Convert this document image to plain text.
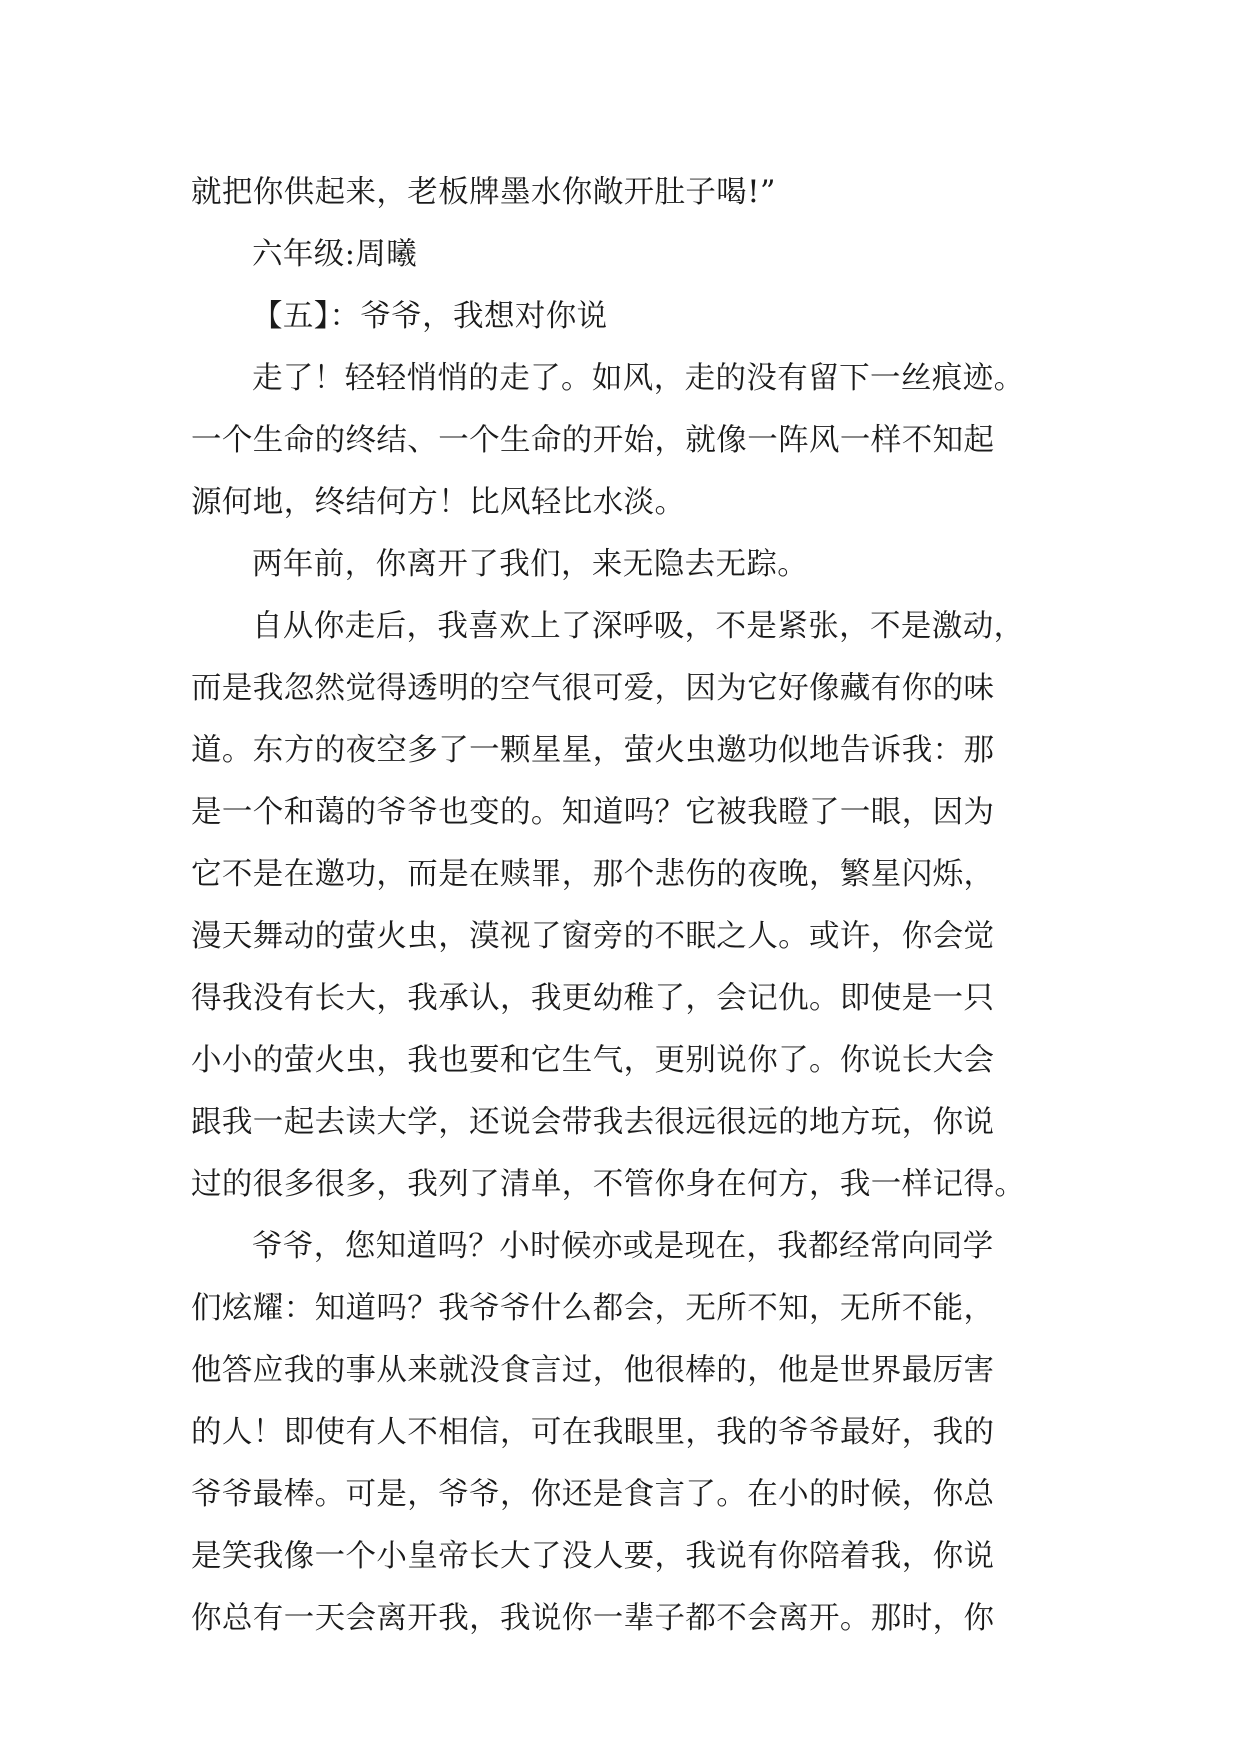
就把你供起来，老板牌墨水你敞开肚子喝!”
六年级:周曦
【五】：爷爷，我想对你说
走了！轻轻悄悄的走了。如风，走的没有留下一丝痕迹。
一个生命的终结、一个生命的开始，就像一阵风一样不知起
源何地，终结何方！比风轻比水淡。
两年前，你离开了我们，来无隐去无踪。
自从你走后，我喜欢上了深呼吸，不是紧张，不是激动，
而是我忽然觉得透明的空气很可爱，因为它好像藏有你的味
道。东方的夜空多了一颗星星，萤火虫邀功似地告诉我：那
是一个和蔼的爷爷也变的。知道吗？它被我瞪了一眼，因为
它不是在邀功，而是在赎罪，那个悲伤的夜晚，繁星闪烁，
漫天舞动的萤火虫，漠视了窗旁的不眠之人。或许，你会觉
得我没有长大，我承认，我更幼稚了，会记仇。即使是一只
小小的萤火虫，我也要和它生气，更别说你了。你说长大会
跟我一起去读大学，还说会带我去很远很远的地方玩，你说
过的很多很多，我列了清单，不管你身在何方，我一样记得。
爷爷，您知道吗？小时候亦或是现在，我都经常向同学
们炫耀：知道吗？我爷爷什么都会，无所不知，无所不能，
他答应我的事从来就没食言过，他很棒的，他是世界最厉害
的人！即使有人不相信，可在我眼里，我的爷爷最好，我的
爷爷最棒。可是，爷爷，你还是食言了。在小的时候，你总
是笑我像一个小皇帝长大了没人要，我说有你陪着我，你说
你总有一天会离开我，我说你一辈子都不会离开。那时，你
